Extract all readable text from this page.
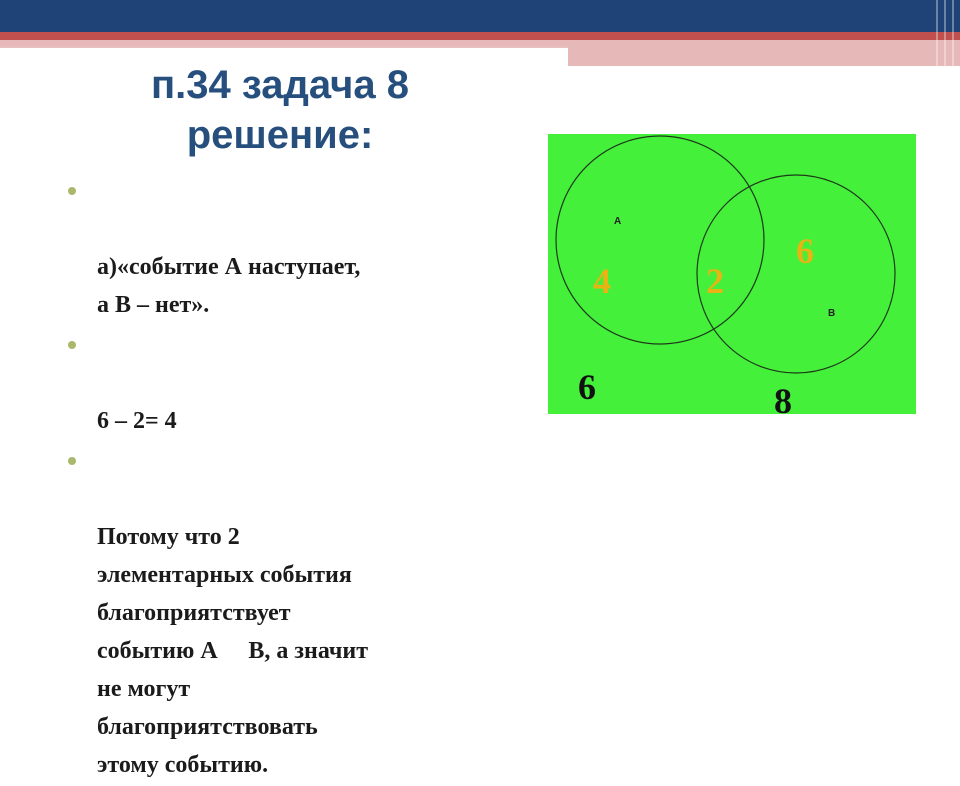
п.34 задача 8
решение:

а)«событие А наступает,
а В – нет».

6 – 2= 4

Потому что 2
элементарных события
благоприятствует
событию А В, а значит
не могут
благоприятствовать
этому событию.

А
В
4	2
6
6	8
